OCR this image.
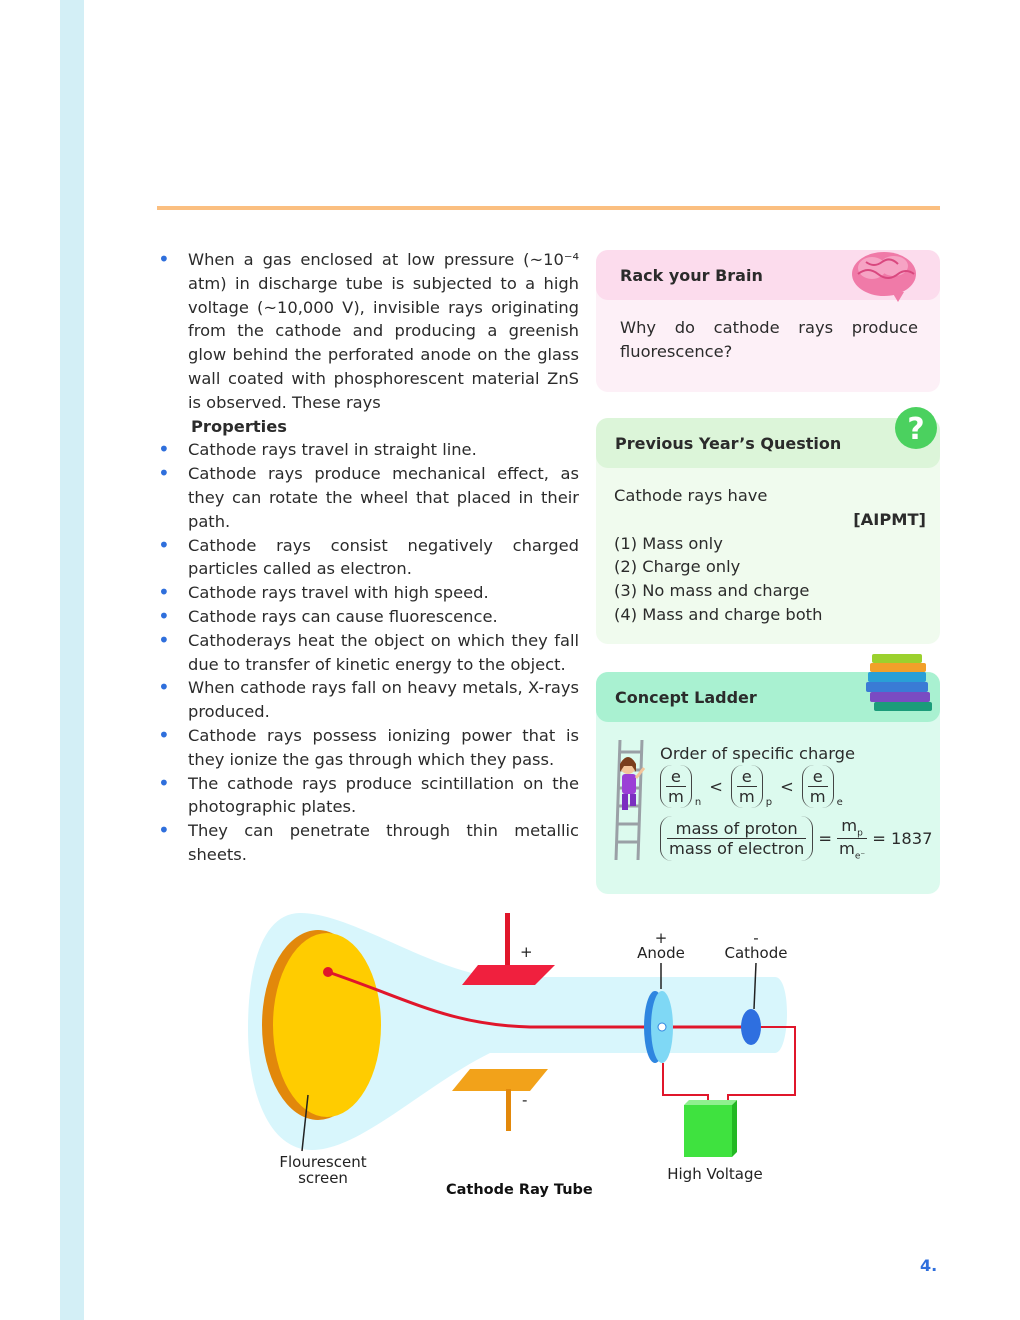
• When a gas enclosed at low pressure (~10⁻⁴ atm) in discharge tube is subjected to a high voltage (~10,000 V), invisible rays originating from the cathode and producing a greenish glow behind the perforated anode on the glass wall coated with phosphorescent material ZnS is observed. These rays
Properties
• Cathode rays travel in straight line.
• Cathode rays produce mechanical effect, as they can rotate the wheel that placed in their path.
• Cathode rays consist negatively charged particles called as electron.
• Cathode rays travel with high speed.
• Cathode rays can cause fluorescence.
• Cathoderays heat the object on which they fall due to transfer of kinetic energy to the object.
• When cathode rays fall on heavy metals, X-rays produced.
• Cathode rays possess ionizing power that is they ionize the gas through which they pass.
• The cathode rays produce scintillation on the photographic plates.
• They can penetrate through thin metallic sheets.
Rack your Brain
Why do cathode rays produce fluorescence?
Previous Year’s Question
Cathode rays have
[AIPMT]
(1) Mass only
(2) Charge only
(3) No mass and charge
(4) Mass and charge both
?
Concept Ladder
Order of specific charge
$\frac{e}{m} _n$
< $\frac{e}{m} _p$
< $\frac{e}{m} _e$
$\frac{\text{mass of proton}}{\text{mass of electron}} = \frac{m_p}{m_{e^-}} = 1837$
+
-
+
Anode
-
Cathode
Flourescent
screen	High Voltage
Cathode Ray Tube
4.
